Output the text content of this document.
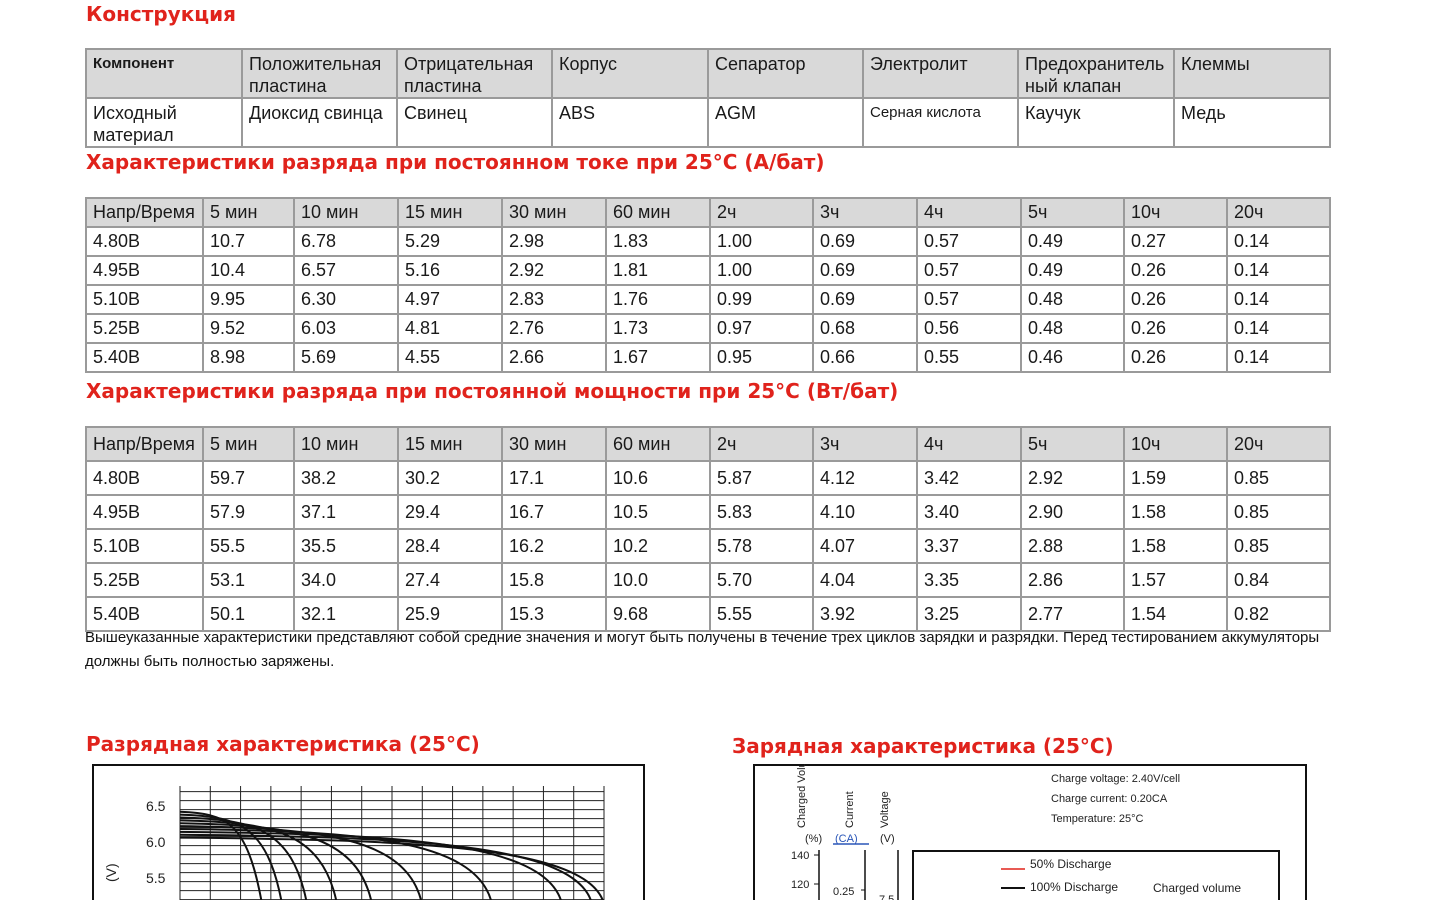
Конструкция
Компонент	Положительная пластина	Отрицательная пластина	Корпус	Сепаратор	Электролит	Предохранитель ный клапан	Клеммы
Исходный материал	Диоксид свинца	Свинец	ABS	AGM	Серная кислота	Каучук	Медь
Характеристики разряда при постоянном токе при 25°C (А/бат)
Напр/Время	5 мин	10 мин	15 мин	30 мин	60 мин	2ч	3ч	4ч	5ч	10ч	20ч
4.80В	10.7	6.78	5.29	2.98	1.83	1.00	0.69	0.57	0.49	0.27	0.14
4.95В	10.4	6.57	5.16	2.92	1.81	1.00	0.69	0.57	0.49	0.26	0.14
5.10В	9.95	6.30	4.97	2.83	1.76	0.99	0.69	0.57	0.48	0.26	0.14
5.25В	9.52	6.03	4.81	2.76	1.73	0.97	0.68	0.56	0.48	0.26	0.14
5.40В	8.98	5.69	4.55	2.66	1.67	0.95	0.66	0.55	0.46	0.26	0.14
Характеристики разряда при постоянной мощности при 25°C (Вт/бат)
Напр/Время	5 мин	10 мин	15 мин	30 мин	60 мин	2ч	3ч	4ч	5ч	10ч	20ч
4.80В	59.7	38.2	30.2	17.1	10.6	5.87	4.12	3.42	2.92	1.59	0.85
4.95В	57.9	37.1	29.4	16.7	10.5	5.83	4.10	3.40	2.90	1.58	0.85
5.10В	55.5	35.5	28.4	16.2	10.2	5.78	4.07	3.37	2.88	1.58	0.85
5.25В	53.1	34.0	27.4	15.8	10.0	5.70	4.04	3.35	2.86	1.57	0.84
5.40В	50.1	32.1	25.9	15.3	9.68	5.55	3.92	3.25	2.77	1.54	0.82

Вышеуказанные характеристики представляют собой средние значения и могут быть получены в течение трех циклов зарядки и разрядки. Перед тестированием аккумуляторы должны быть полностью заряжены.

Разрядная характеристика (25°C)
6.5
6.0
5.5
(V)
Зарядная характеристика (25°C)
Charged Volume	Current Voltage
(%) (CA) (V)
140
120
0.25
7.5
Charge voltage: 2.40V/cell
Charge current: 0.20CA
Temperature: 25°C
50% Discharge
100% Discharge	Charged volume
